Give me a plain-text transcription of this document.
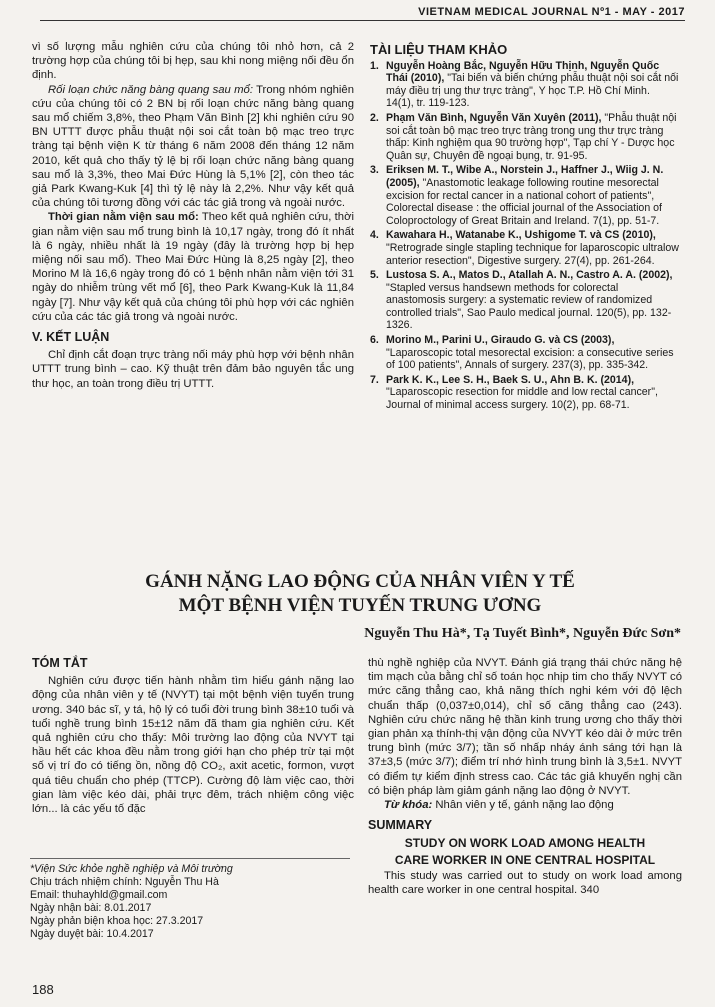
VIETNAM MEDICAL JOURNAL Nº1 - MAY - 2017

vì số lượng mẫu nghiên cứu của chúng tôi nhỏ hơn, cả 2 trường hợp của chúng tôi bị hẹp, sau khi nong miệng nối đều ổn định.

Rối loạn chức năng bàng quang sau mổ: Trong nhóm nghiên cứu của chúng tôi có 2 BN bị rối loạn chức năng bàng quang sau mổ chiếm 3,8%, theo Phạm Văn Bình [2] khi nghiên cứu 90 BN UTTT được phẫu thuật nội soi cắt toàn bộ mạc treo trực tràng tại bệnh viện K từ tháng 6 năm 2008 đến tháng 12 năm 2010, kết quả cho thấy tỷ lệ bị rối loạn chức năng bàng quang sau mổ là 3,3%, theo Mai Đức Hùng là 5,1% [2], còn theo tác giả Park Kwang-Kuk [4] thì tỷ lệ này là 2,2%. Như vậy kết quả của chúng tôi tương đồng với các tác giả trong và ngoài nước.

Thời gian nằm viện sau mổ: Theo kết quả nghiên cứu, thời gian nằm viện sau mổ trung bình là 10,17 ngày, trong đó ít nhất là 6 ngày, nhiều nhất là 19 ngày (đây là trường hợp bị hẹp miệng nối sau mổ). Theo Mai Đức Hùng là 8,25 ngày [2], theo Morino M là 16,6 ngày trong đó có 1 bệnh nhân nằm viện tới 31 ngày do nhiễm trùng vết mổ [6], theo Park Kwang-Kuk là 11,84 ngày [7]. Như vậy kết quả của chúng tôi phù hợp với các nghiên cứu của các tác giả trong và ngoài nước.

V. KẾT LUẬN

Chỉ định cắt đoạn trực tràng nối máy phù hợp với bệnh nhân UTTT trung bình – cao. Kỹ thuật trên đảm bảo nguyên tắc ung thư học, an toàn trong điều trị UTTT.

TÀI LIỆU THAM KHẢO
1. Nguyễn Hoàng Bắc, Nguyễn Hữu Thịnh, Nguyễn Quốc Thái (2010), "Tai biến và biến chứng phẫu thuật nội soi cắt nối máy điều trị ung thư trực tràng", Y học T.P. Hồ Chí Minh. 14(1), tr. 119-123.
2. Phạm Văn Bình, Nguyễn Văn Xuyên (2011), "Phẫu thuật nội soi cắt toàn bộ mạc treo trực tràng trong ung thư trực tràng thấp: Kinh nghiệm qua 90 trường hợp", Tạp chí Y - Dược học Quân sự, Chuyên đề ngoại bụng, tr. 91-95.
3. Eriksen M. T., Wibe A., Norstein J., Haffner J., Wiig J. N. (2005), "Anastomotic leakage following routine mesorectal excision for rectal cancer in a national cohort of patients", Colorectal disease : the official journal of the Association of Coloproctology of Great Britain and Ireland. 7(1), pp. 51-7.
4. Kawahara H., Watanabe K., Ushigome T. và CS (2010), "Retrograde single stapling technique for laparoscopic ultralow anterior resection", Digestive surgery. 27(4), pp. 261-264.
5. Lustosa S. A., Matos D., Atallah A. N., Castro A. A. (2002), "Stapled versus handsewn methods for colorectal anastomosis surgery: a systematic review of randomized controlled trials", Sao Paulo medical journal. 120(5), pp. 132-1326.
6. Morino M., Parini U., Giraudo G. và CS (2003), "Laparoscopic total mesorectal excision: a consecutive series of 100 patients", Annals of surgery. 237(3), pp. 335-342.
7. Park K. K., Lee S. H., Baek S. U., Ahn B. K. (2014), "Laparoscopic resection for middle and low rectal cancer", Journal of minimal access surgery. 10(2), pp. 68-71.
GÁNH NẶNG LAO ĐỘNG CỦA NHÂN VIÊN Y TẾ
MỘT BỆNH VIỆN TUYẾN TRUNG ƯƠNG
Nguyễn Thu Hà*, Tạ Tuyết Bình*, Nguyễn Đức Sơn*
TÓM TẮT

Nghiên cứu được tiến hành nhằm tìm hiểu gánh nặng lao động của nhân viên y tế (NVYT) tại một bệnh viện tuyến trung ương. 340 bác sĩ, y tá, hộ lý có tuổi đời trung bình 38±10 tuổi và tuổi nghề trung bình 15±12 năm đã tham gia nghiên cứu. Kết quả nghiên cứu cho thấy: Môi trường lao động của NVYT tại hầu hết các khoa đều nằm trong giới hạn cho phép trừ tại một số vị trí đo có tiếng ồn, nồng độ CO₂, axit acetic, formon, vượt quá tiêu chuẩn cho phép (TTCP). Cường độ làm việc cao, thời gian làm việc kéo dài, phải trực đêm, trách nhiệm công việc lớn... là các yếu tố đặc

thù nghề nghiệp của NVYT. Đánh giá trạng thái chức năng hệ tim mạch của bằng chỉ số toán học nhịp tim cho thấy NVYT có mức căng thẳng cao, khả năng thích nghi kém với độ lệch chuẩn thấp (0,037±0,014), chỉ số căng thẳng cao (243). Nghiên cứu chức năng hệ thần kinh trung ương cho thấy thời gian phản xạ thính-thị vận động của NVYT kéo dài ở mức trên trung bình (mức 3/7); tần số nhấp nháy ánh sáng tới hạn là 37±3,5 (mức 3/7); điểm trí nhớ hình trung bình là 3,5±1. NVYT có điểm tự kiểm định stress cao. Các tác giả khuyến nghị cần có biện pháp làm giảm gánh nặng lao động ở NVYT.

Từ khóa: Nhân viên y tế, gánh nặng lao động

SUMMARY
STUDY ON WORK LOAD AMONG HEALTH
CARE WORKER IN ONE CENTRAL HOSPITAL

This study was carried out to study on work load among health care worker in one central hospital. 340

*Viện Sức khỏe nghề nghiệp và Môi trường
Chịu trách nhiệm chính: Nguyễn Thu Hà
Email: thuhayhld@gmail.com
Ngày nhận bài: 8.01.2017
Ngày phản biện khoa học: 27.3.2017
Ngày duyệt bài: 10.4.2017
188
